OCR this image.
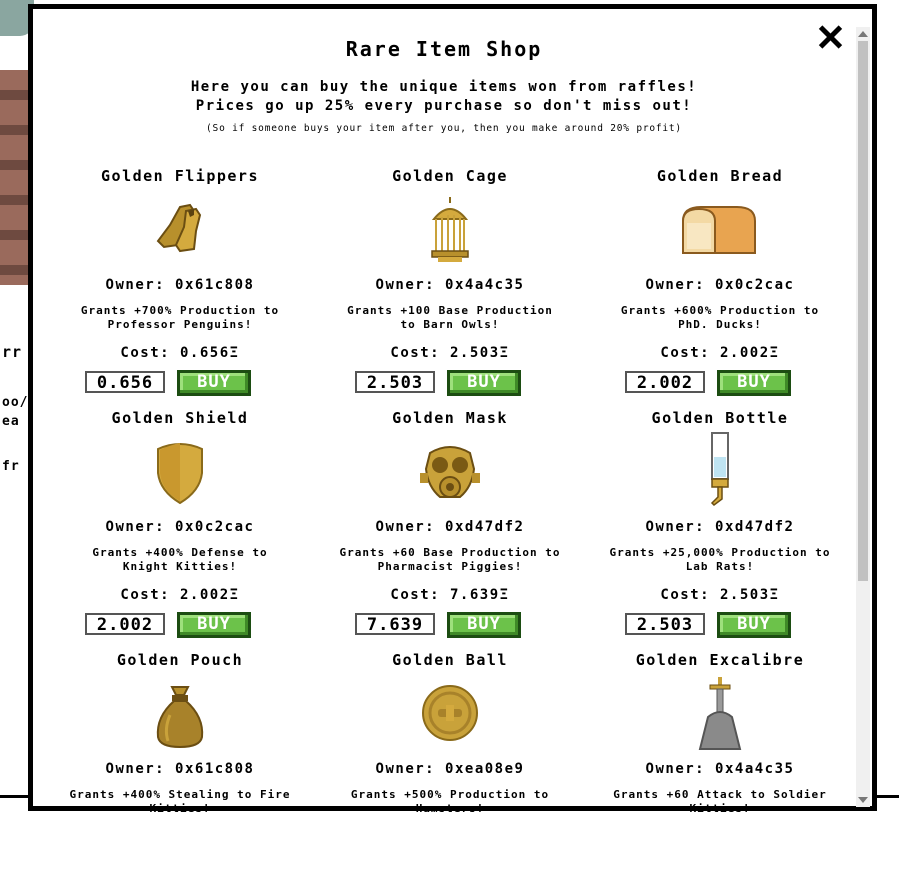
rr
oo/
ea
fr
Rare Item Shop
Here you can buy the unique items won from raffles!
Prices go up 25% every purchase so don't miss out!
(So if someone buys your item after you, then you make around 20% profit)
Golden Flippers
Owner: 0x61c808
Grants +700% Production to
Professor Penguins!
Cost: 0.656Ξ
0.656	BUY
Golden Cage
Owner: 0x4a4c35
Grants +100 Base Production
to Barn Owls!
Cost: 2.503Ξ
2.503	BUY
Golden Bread
Owner: 0x0c2cac
Grants +600% Production to
PhD. Ducks!
Cost: 2.002Ξ
2.002	BUY
Golden Shield
Owner: 0x0c2cac
Grants +400% Defense to
Knight Kitties!
Cost: 2.002Ξ
2.002	BUY
Golden Mask
Owner: 0xd47df2
Grants +60 Base Production to
Pharmacist Piggies!
Cost: 7.639Ξ
7.639	BUY
Golden Bottle
Owner: 0xd47df2
Grants +25,000% Production to
Lab Rats!
Cost: 2.503Ξ
2.503	BUY
Golden Pouch
Owner: 0x61c808
Grants +400% Stealing to Fire
Kitties!
Golden Ball
Owner: 0xea08e9
Grants +500% Production to
Hamsters!
Golden Excalibre
Owner: 0x4a4c35
Grants +60 Attack to Soldier
Kitties!
